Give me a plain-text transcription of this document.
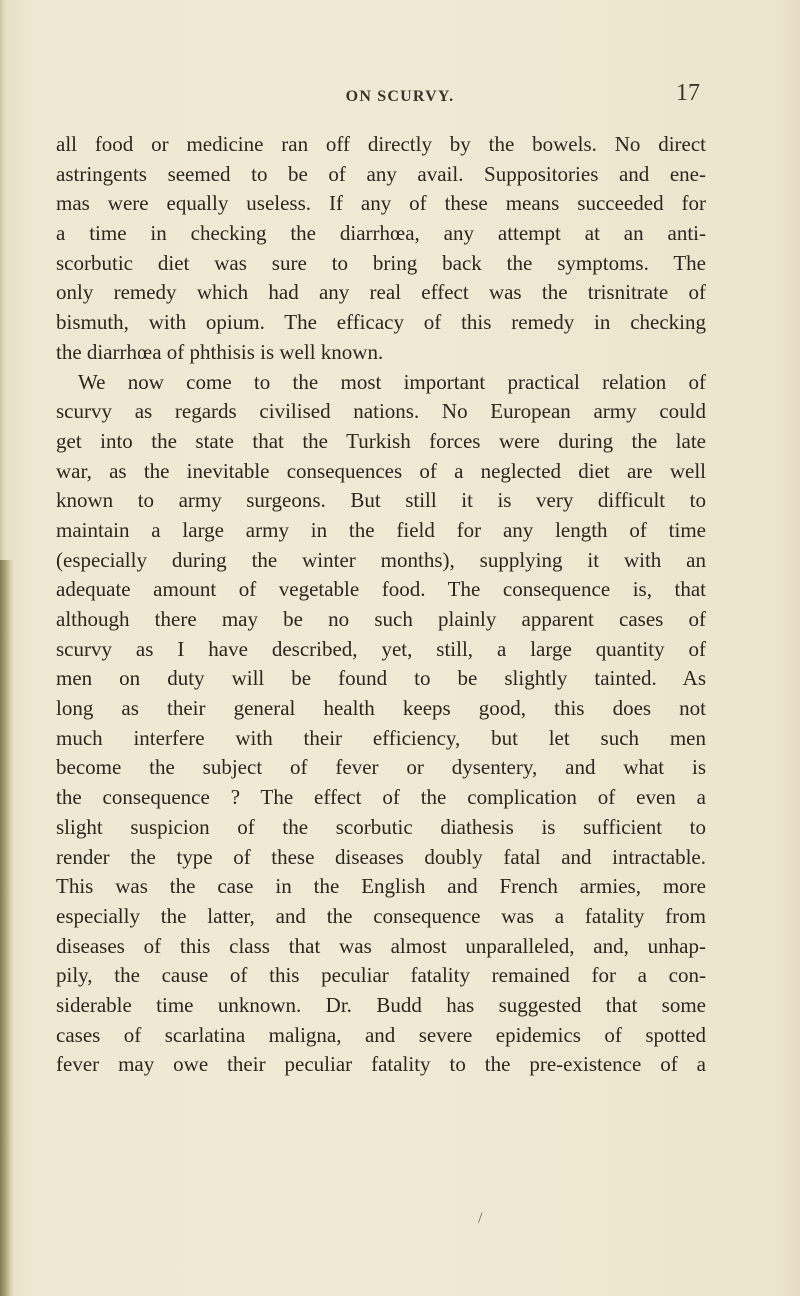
ON SCURVY.	17
all food or medicine ran off directly by the bowels. No direct
astringents seemed to be of any avail. Suppositories and ene-
mas were equally useless. If any of these means succeeded for
a time in checking the diarrhœa, any attempt at an anti-
scorbutic diet was sure to bring back the symptoms. The
only remedy which had any real effect was the trisnitrate of
bismuth, with opium. The efficacy of this remedy in checking
the diarrhœa of phthisis is well known.
We now come to the most important practical relation of
scurvy as regards civilised nations. No European army could
get into the state that the Turkish forces were during the late
war, as the inevitable consequences of a neglected diet are well
known to army surgeons. But still it is very difficult to
maintain a large army in the field for any length of time
(especially during the winter months), supplying it with an
adequate amount of vegetable food. The consequence is, that
although there may be no such plainly apparent cases of
scurvy as I have described, yet, still, a large quantity of
men on duty will be found to be slightly tainted. As
long as their general health keeps good, this does not
much interfere with their efficiency, but let such men
become the subject of fever or dysentery, and what is
the consequence ? The effect of the complication of even a
slight suspicion of the scorbutic diathesis is sufficient to
render the type of these diseases doubly fatal and intractable.
This was the case in the English and French armies, more
especially the latter, and the consequence was a fatality from
diseases of this class that was almost unparalleled, and, unhap-
pily, the cause of this peculiar fatality remained for a con-
siderable time unknown. Dr. Budd has suggested that some
cases of scarlatina maligna, and severe epidemics of spotted
fever may owe their peculiar fatality to the pre-existence of a
/
